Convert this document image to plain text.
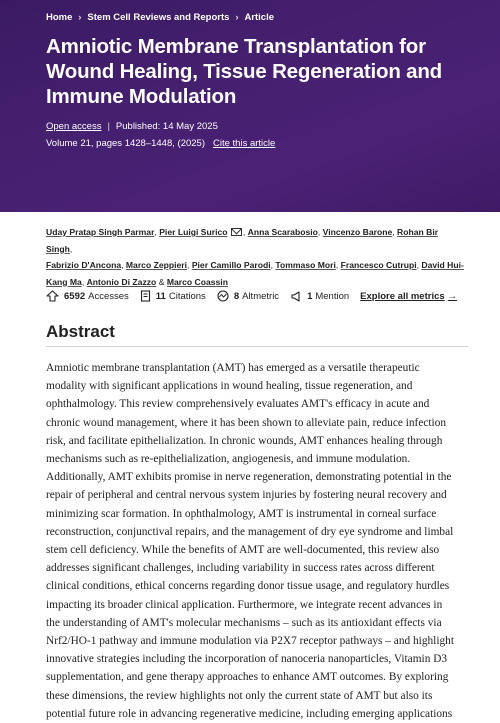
Home › Stem Cell Reviews and Reports › Article
Amniotic Membrane Transplantation for
Wound Healing, Tissue Regeneration and
Immune Modulation
Open access | Published: 14 May 2025
Volume 21, pages 1428–1448, (2025) Cite this article
Uday Pratap Singh Parmar, Pier Luigi Surico , Anna Scarabosio, Vincenzo Barone, Rohan Bir Singh,
Fabrizio D'Ancona, Marco Zeppieri, Pier Camillo Parodi, Tommaso Mori, Francesco Cutrupi, David Hui-
Kang Ma, Antonio Di Zazzo & Marco Coassin
6592 Accesses	11 Citations	8 Altmetric	1 Mention Explore all metrics →
Abstract
Amniotic membrane transplantation (AMT) has emerged as a versatile therapeutic
modality with significant applications in wound healing, tissue regeneration, and
ophthalmology. This review comprehensively evaluates AMT's efficacy in acute and
chronic wound management, where it has been shown to alleviate pain, reduce infection
risk, and facilitate epithelialization. In chronic wounds, AMT enhances healing through
mechanisms such as re-epithelialization, angiogenesis, and immune modulation.
Additionally, AMT exhibits promise in nerve regeneration, demonstrating potential in the
repair of peripheral and central nervous system injuries by fostering neural recovery and
minimizing scar formation. In ophthalmology, AMT is instrumental in corneal surface
reconstruction, conjunctival repairs, and the management of dry eye syndrome and limbal
stem cell deficiency. While the benefits of AMT are well-documented, this review also
addresses significant challenges, including variability in success rates across different
clinical conditions, ethical concerns regarding donor tissue usage, and regulatory hurdles
impacting its broader clinical application. Furthermore, we integrate recent advances in
the understanding of AMT's molecular mechanisms – such as its antioxidant effects via
Nrf2/HO-1 pathway and immune modulation via P2X7 receptor pathways – and highlight
innovative strategies including the incorporation of nanoceria nanoparticles, Vitamin D3
supplementation, and gene therapy approaches to enhance AMT outcomes. By exploring
these dimensions, the review highlights not only the current state of AMT but also its
potential future role in advancing regenerative medicine, including emerging applications
